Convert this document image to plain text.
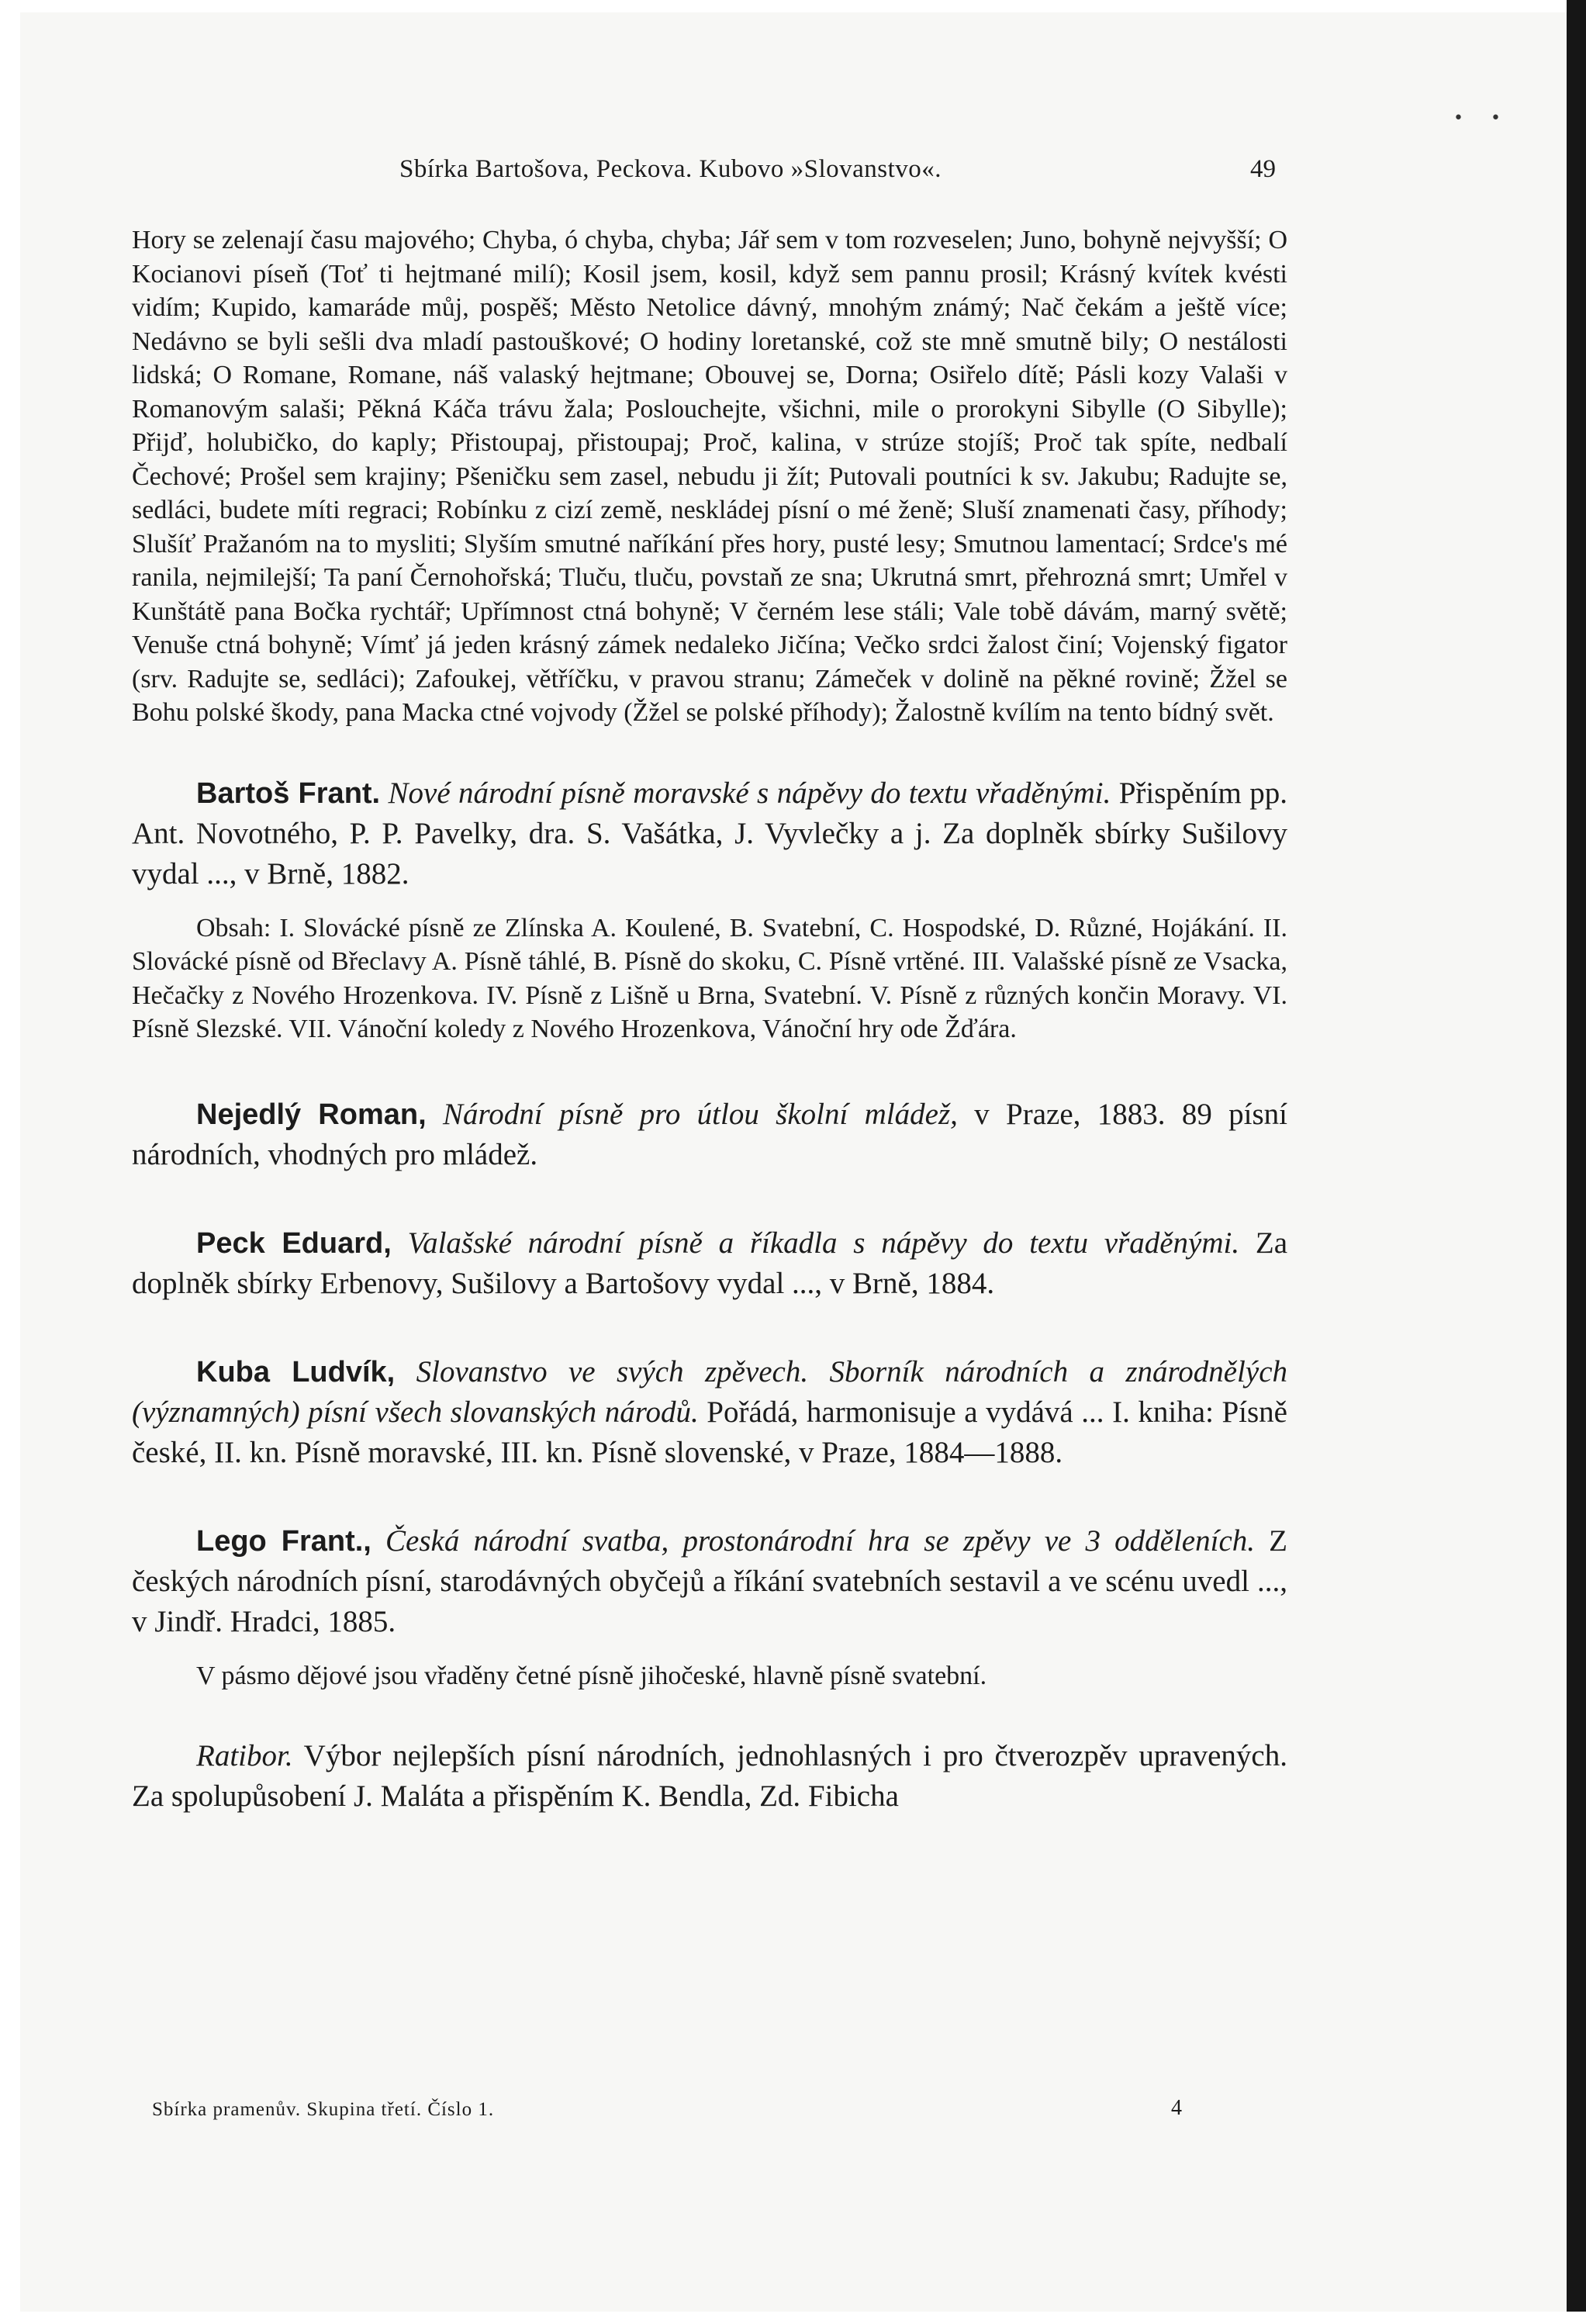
• •
Sbírka Bartošova, Peckova. Kubovo »Slovanstvo«.	49

Hory se zelenají času majového; Chyba, ó chyba, chyba; Jář sem v tom rozveselen; Juno, bohyně nejvyšší; O Kocianovi píseň (Toť ti hejtmané milí); Kosil jsem, kosil, když sem pannu prosil; Krásný kvítek kvésti vidím; Kupido, kamaráde můj, pospěš; Město Netolice dávný, mnohým známý; Nač čekám a ještě více; Nedávno se byli sešli dva mladí pastouškové; O hodiny loretanské, což ste mně smutně bily; O nestálosti lidská; O Romane, Romane, náš valaský hejtmane; Obouvej se, Dorna; Osiřelo dítě; Pásli kozy Valaši v Romanovým salaši; Pěkná Káča trávu žala; Poslouchejte, všichni, mile o prorokyni Sibylle (O Sibylle); Přijď, holubičko, do kaply; Přistoupaj, přistoupaj; Proč, kalina, v strúze stojíš; Proč tak spíte, nedbalí Čechové; Prošel sem krajiny; Pšeničku sem zasel, nebudu ji žít; Putovali poutníci k sv. Jakubu; Radujte se, sedláci, budete míti regraci; Robínku z cizí země, neskládej písní o mé ženě; Sluší znamenati časy, příhody; Slušíť Pražanóm na to mysliti; Slyším smutné naříkání přes hory, pusté lesy; Smutnou lamentací; Srdce's mé ranila, nejmilejší; Ta paní Černohořská; Tluču, tluču, povstaň ze sna; Ukrutná smrt, přehrozná smrt; Umřel v Kunštátě pana Bočka rychtář; Upřímnost ctná bohyně; V černém lese stáli; Vale tobě dávám, marný světě; Venuše ctná bohyně; Vímť já jeden krásný zámek nedaleko Jičína; Večko srdci žalost činí; Vojenský figator (srv. Radujte se, sedláci); Zafoukej, větříčku, v pravou stranu; Zámeček v dolině na pěkné rovině; Žžel se Bohu polské škody, pana Macka ctné vojvody (Žžel se polské příhody); Žalostně kvílím na tento bídný svět.

Bartoš Frant. Nové národní písně moravské s nápěvy do textu vřaděnými. Přispěním pp. Ant. Novotného, P. P. Pavelky, dra. S. Vašátka, J. Vyvlečky a j. Za doplněk sbírky Sušilovy vydal ..., v Brně, 1882.

Obsah: I. Slovácké písně ze Zlínska A. Koulené, B. Svatební, C. Hospodské, D. Různé, Hojákání. II. Slovácké písně od Břeclavy A. Písně táhlé, B. Písně do skoku, C. Písně vrtěné. III. Valašské písně ze Vsacka, Hečačky z Nového Hrozenkova. IV. Písně z Lišně u Brna, Svatební. V. Písně z různých končin Moravy. VI. Písně Slezské. VII. Vánoční koledy z Nového Hrozenkova, Vánoční hry ode Žďára.

Nejedlý Roman, Národní písně pro útlou školní mládež, v Praze, 1883. 89 písní národních, vhodných pro mládež.

Peck Eduard, Valašské národní písně a říkadla s nápěvy do textu vřaděnými. Za doplněk sbírky Erbenovy, Sušilovy a Bartošovy vydal ..., v Brně, 1884.

Kuba Ludvík, Slovanstvo ve svých zpěvech. Sborník národních a znárodnělých (významných) písní všech slovanských národů. Pořádá, harmonisuje a vydává ... I. kniha: Písně české, II. kn. Písně moravské, III. kn. Písně slovenské, v Praze, 1884—1888.

Lego Frant., Česká národní svatba, prostonárodní hra se zpěvy ve 3 odděleních. Z českých národních písní, starodávných obyčejů a říkání svatebních sestavil a ve scénu uvedl ..., v Jindř. Hradci, 1885.

V pásmo dějové jsou vřaděny četné písně jihočeské, hlavně písně svatební.

Ratibor. Výbor nejlepších písní národních, jednohlasných i pro čtverozpěv upravených. Za spolupůsobení J. Maláta a přispěním K. Bendla, Zd. Fibicha

Sbírka pramenův. Skupina třetí. Číslo 1.	4
